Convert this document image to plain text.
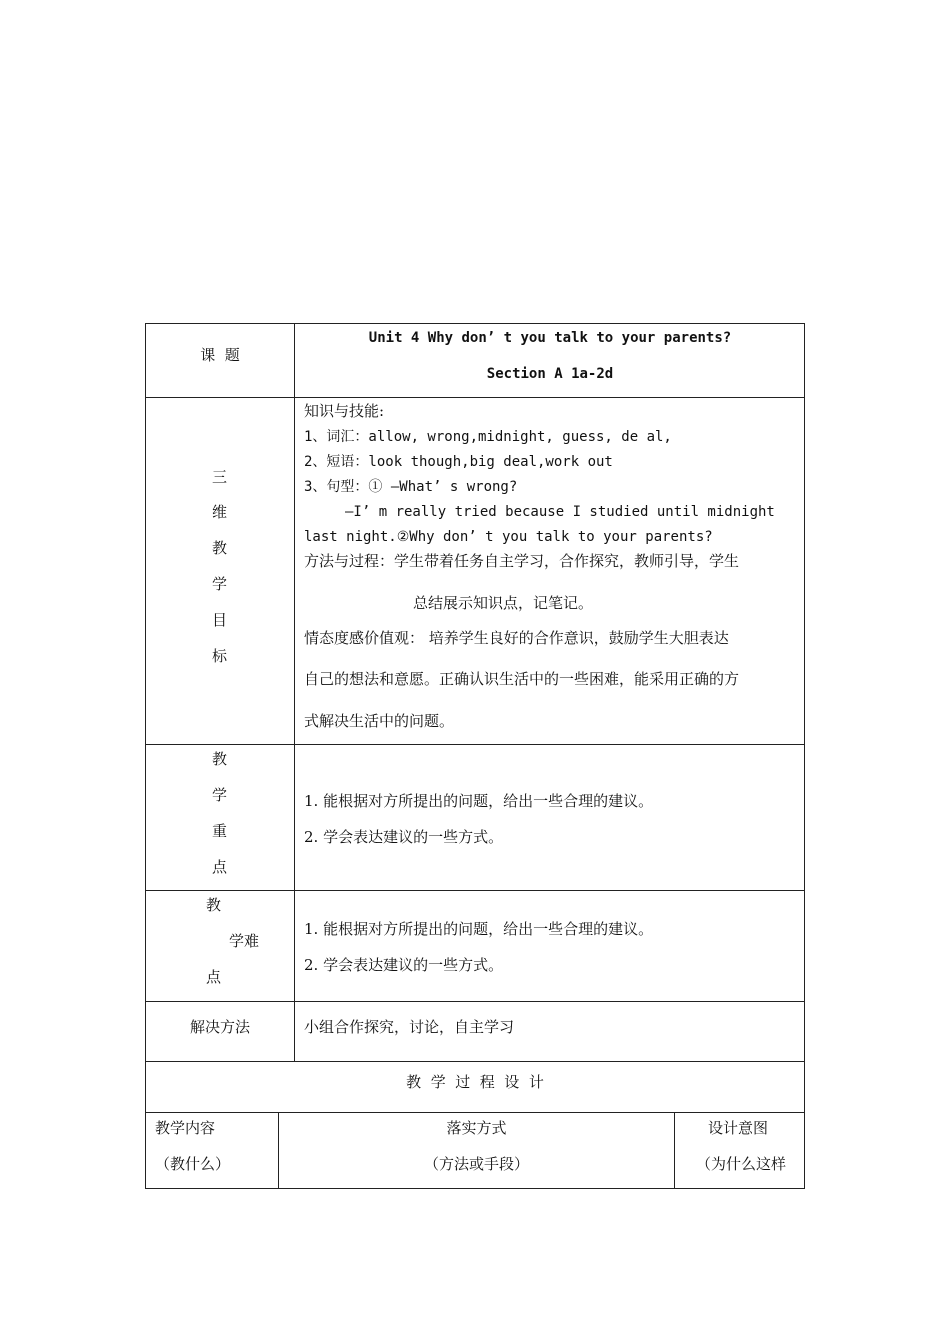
课  题
Unit 4 Why don’ t you talk to your parents?
Section A 1a-2d
三
维
教
学
目
标
知识与技能:
1、词汇：allow, wrong,midnight, guess, de al,
2、短语：look though,big deal,work out
3、句型：① —What’ s wrong?
—I’ m really tried because I studied until midnight
last night.②Why don’ t you talk to your parents?
方法与过程：学生带着任务自主学习，合作探究，教师引导，学生
总结展示知识点，记笔记。
情态度感价值观： 培养学生良好的合作意识，鼓励学生大胆表达
自己的想法和意愿。正确认识生活中的一些困难，能采用正确的方
式解决生活中的问题。
教
学
重
点
1. 能根据对方所提出的问题，给出一些合理的建议。
2. 学会表达建议的一些方式。
教
学难
点
1. 能根据对方所提出的问题，给出一些合理的建议。
2. 学会表达建议的一些方式。
解决方法	小组合作探究，讨论，自主学习
教  学  过  程  设  计
教学内容
（教什么）
落实方式
（方法或手段）
设计意图
（为什么这样
